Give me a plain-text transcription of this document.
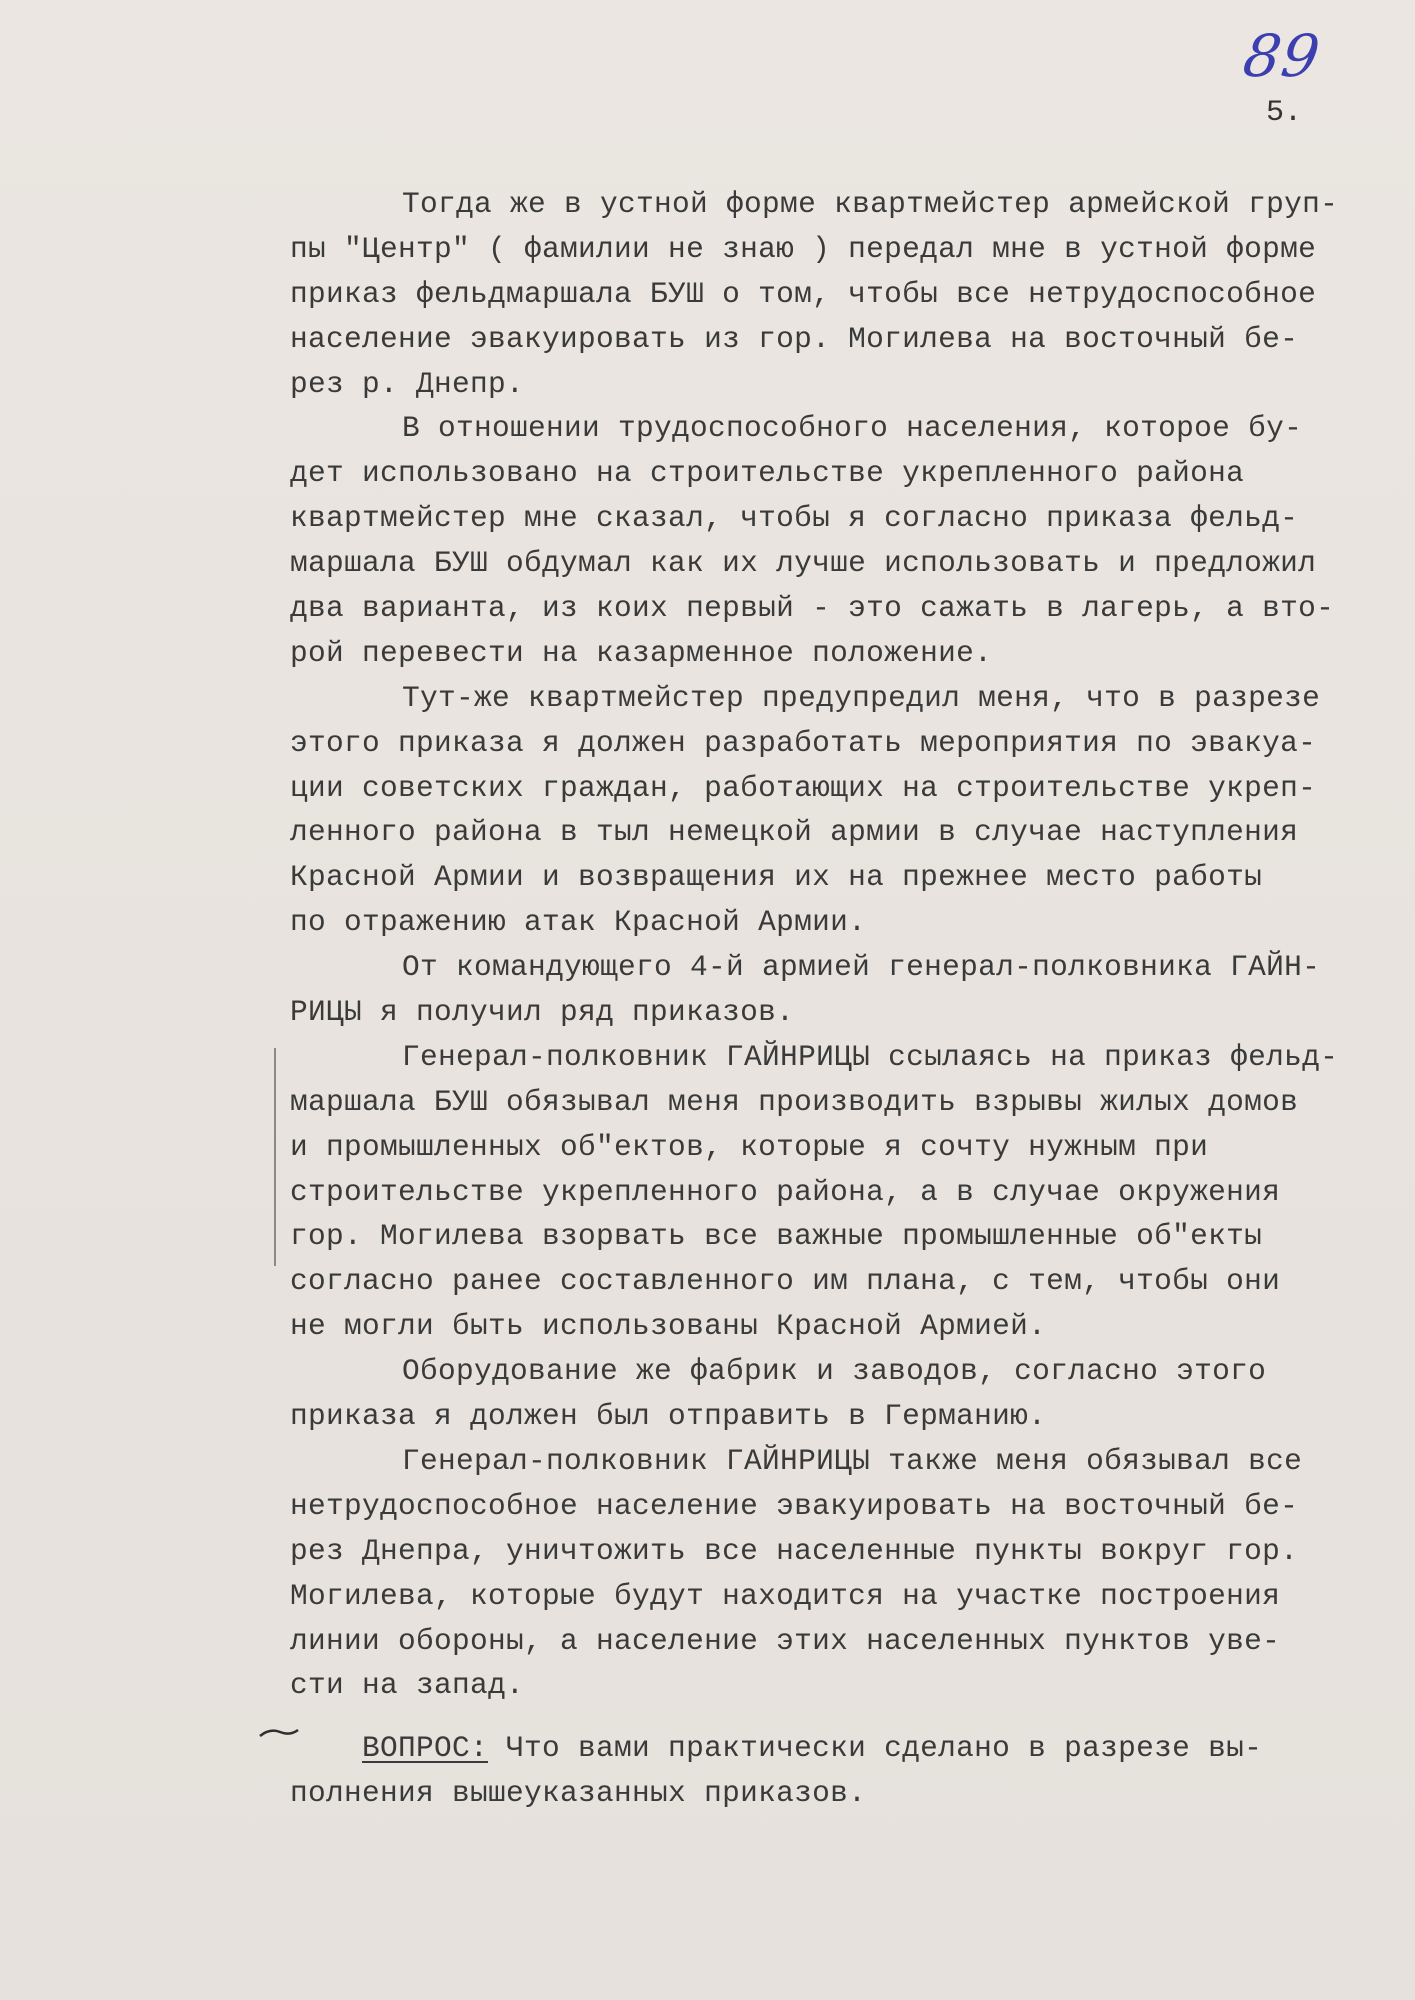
89
5.
Тогда же в устной форме квартмейстер армейской груп-
пы "Центр" ( фамилии не знаю ) передал мне в устной форме
приказ фельдмаршала БУШ о том, чтобы все нетрудоспособное
население эвакуировать из гор. Могилева на восточный бе-
рез р. Днепр.
В отношении трудоспособного населения, которое бу-
дет использовано на строительстве укрепленного района
квартмейстер мне сказал, чтобы я согласно приказа фельд-
маршала БУШ обдумал как их лучше использовать и предложил
два варианта, из коих первый - это сажать в лагерь, а вто-
рой перевести на казарменное положение.
Тут-же квартмейстер предупредил меня, что в разрезе
этого приказа я должен разработать мероприятия по эвакуа-
ции советских граждан, работающих на строительстве укреп-
ленного района в тыл немецкой армии в случае наступления
Красной Армии и возвращения их на прежнее место работы
по отражению атак Красной Армии.
От командующего 4-й армией генерал-полковника ГАЙН-
РИЦЫ я получил ряд приказов.
Генерал-полковник ГАЙНРИЦЫ ссылаясь на приказ фельд-
маршала БУШ обязывал меня производить взрывы жилых домов
и промышленных об"ектов, которые я сочту нужным при
строительстве укрепленного района, а в случае окружения
гор. Могилева взорвать все важные промышленные об"екты
согласно ранее составленного им плана, с тем, чтобы они
не могли быть использованы Красной Армией.
Оборудование же фабрик и заводов, согласно этого
приказа я должен был отправить в Германию.
Генерал-полковник ГАЙНРИЦЫ также меня обязывал все
нетрудоспособное население эвакуировать на восточный бе-
рез Днепра, уничтожить все населенные пункты вокруг гор.
Могилева, которые будут находится на участке построения
линии обороны, а население этих населенных пунктов уве-
сти на запад.
ВОПРОС: Что вами практически сделано в разрезе вы-
полнения вышеуказанных приказов.
